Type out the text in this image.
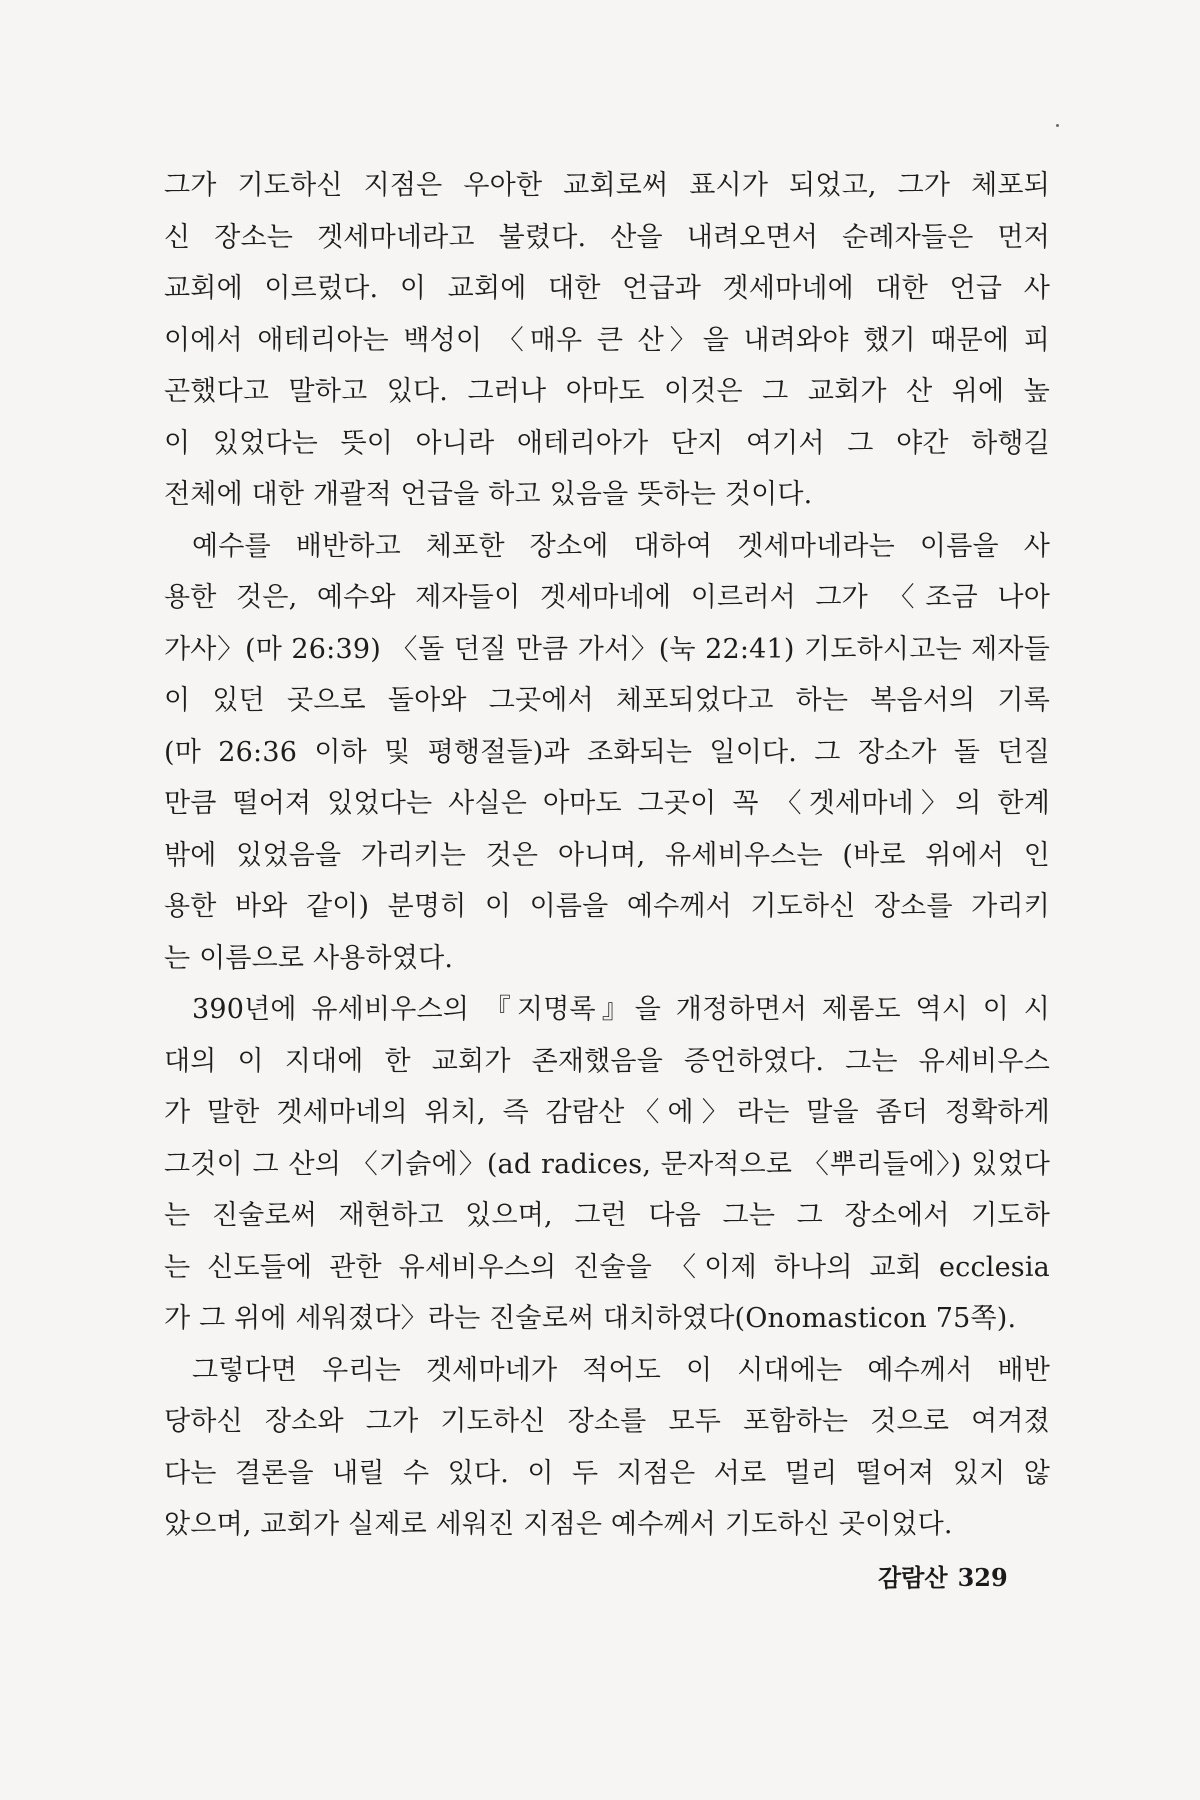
그가 기도하신 지점은 우아한 교회로써 표시가 되었고, 그가 체포되
신 장소는 겟세마네라고 불렸다. 산을 내려오면서 순례자들은 먼저
교회에 이르렀다. 이 교회에 대한 언급과 겟세마네에 대한 언급 사
이에서 애테리아는 백성이 〈매우 큰 산〉을 내려와야 했기 때문에 피
곤했다고 말하고 있다. 그러나 아마도 이것은 그 교회가 산 위에 높
이 있었다는 뜻이 아니라 애테리아가 단지 여기서 그 야간 하행길
전체에 대한 개괄적 언급을 하고 있음을 뜻하는 것이다.
예수를 배반하고 체포한 장소에 대하여 겟세마네라는 이름을 사
용한 것은, 예수와 제자들이 겟세마네에 이르러서 그가 〈조금 나아
가사〉(마 26:39) 〈돌 던질 만큼 가서〉(눅 22:41) 기도하시고는 제자들
이 있던 곳으로 돌아와 그곳에서 체포되었다고 하는 복음서의 기록
(마 26:36 이하 및 평행절들)과 조화되는 일이다. 그 장소가 돌 던질
만큼 떨어져 있었다는 사실은 아마도 그곳이 꼭 〈겟세마네〉의 한계
밖에 있었음을 가리키는 것은 아니며, 유세비우스는 (바로 위에서 인
용한 바와 같이) 분명히 이 이름을 예수께서 기도하신 장소를 가리키
는 이름으로 사용하였다.
390년에 유세비우스의 『지명록』을 개정하면서 제롬도 역시 이 시
대의 이 지대에 한 교회가 존재했음을 증언하였다. 그는 유세비우스
가 말한 겟세마네의 위치, 즉 감람산〈에〉라는 말을 좀더 정확하게
그것이 그 산의 〈기슭에〉(ad radices, 문자적으로 〈뿌리들에〉) 있었다
는 진술로써 재현하고 있으며, 그런 다음 그는 그 장소에서 기도하
는 신도들에 관한 유세비우스의 진술을 〈이제 하나의 교회 ecclesia
가 그 위에 세워졌다〉라는 진술로써 대치하였다(Onomasticon 75쪽).
그렇다면 우리는 겟세마네가 적어도 이 시대에는 예수께서 배반
당하신 장소와 그가 기도하신 장소를 모두 포함하는 것으로 여겨졌
다는 결론을 내릴 수 있다. 이 두 지점은 서로 멀리 떨어져 있지 않
았으며, 교회가 실제로 세워진 지점은 예수께서 기도하신 곳이었다.
감람산 329
